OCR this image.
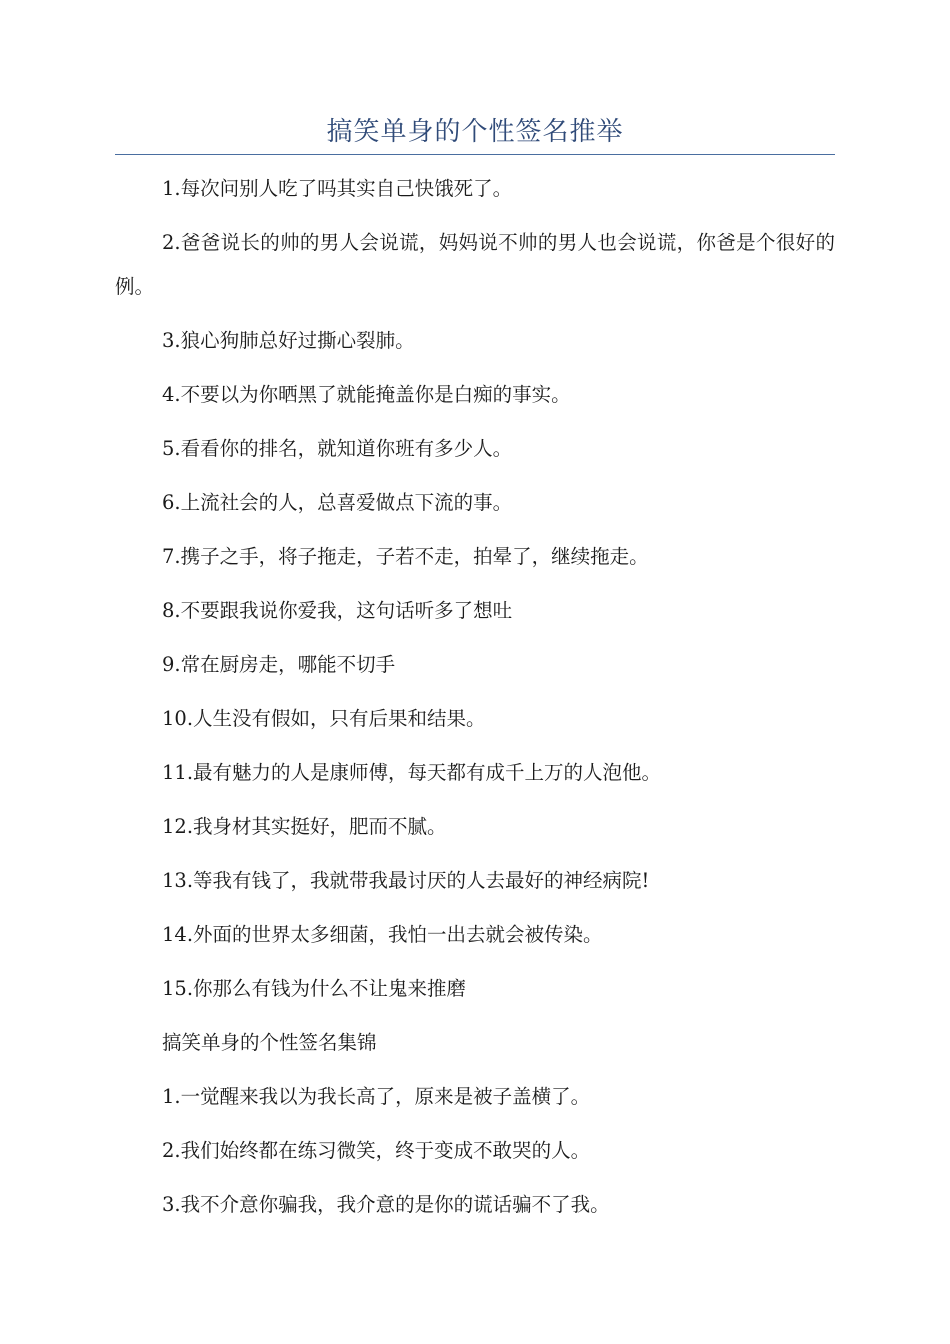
搞笑单身的个性签名推举

1.每次问别人吃了吗其实自己快饿死了。

2.爸爸说长的帅的男人会说谎，妈妈说不帅的男人也会说谎，你爸是个很好的例。

3.狼心狗肺总好过撕心裂肺。

4.不要以为你晒黑了就能掩盖你是白痴的事实。

5.看看你的排名，就知道你班有多少人。

6.上流社会的人，总喜爱做点下流的事。

7.携子之手，将子拖走，子若不走，拍晕了，继续拖走。

8.不要跟我说你爱我，这句话听多了想吐

9.常在厨房走，哪能不切手

10.人生没有假如，只有后果和结果。

11.最有魅力的人是康师傅，每天都有成千上万的人泡他。

12.我身材其实挺好，肥而不腻。

13.等我有钱了，我就带我最讨厌的人去最好的神经病院!

14.外面的世界太多细菌，我怕一出去就会被传染。

15.你那么有钱为什么不让鬼来推磨

搞笑单身的个性签名集锦

1.一觉醒来我以为我长高了，原来是被子盖横了。

2.我们始终都在练习微笑，终于变成不敢哭的人。

3.我不介意你骗我，我介意的是你的谎话骗不了我。
